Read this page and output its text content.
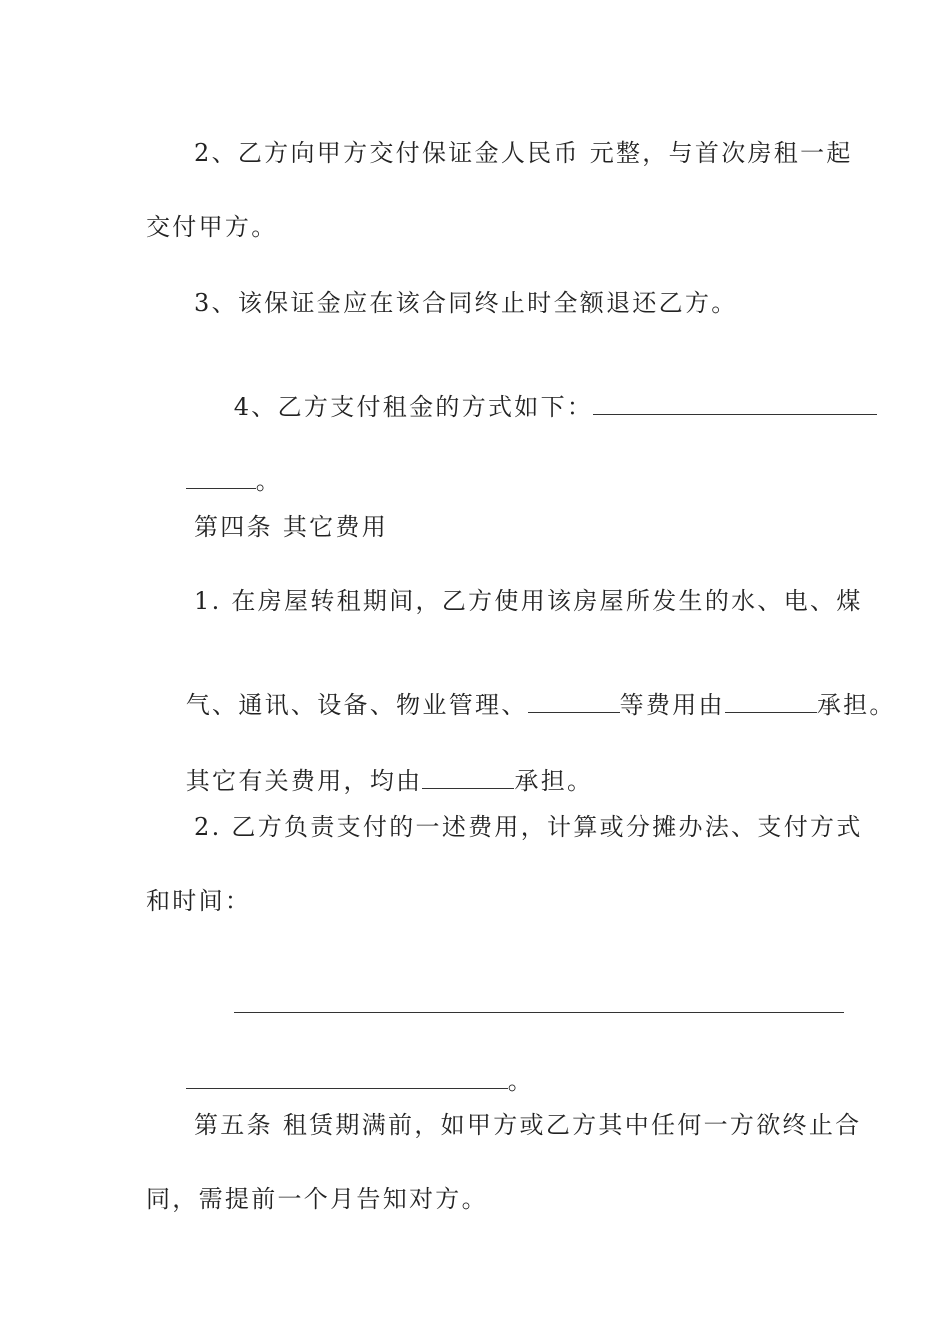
2、乙方向甲方交付保证金人民币 元整，与首次房租一起
交付甲方。
3、该保证金应在该合同终止时全额退还乙方。

4、乙方支付租金的方式如下：

。

第四条 其它费用
1. 在房屋转租期间，乙方使用该房屋所发生的水、电、煤

气、通讯、设备、物业管理、	等费用由	承担。

其它有关费用，均由	承担。

2. 乙方负责支付的一述费用，计算或分摊办法、支付方式
和时间：

。

第五条 租赁期满前，如甲方或乙方其中任何一方欲终止合
同，需提前一个月告知对方。
